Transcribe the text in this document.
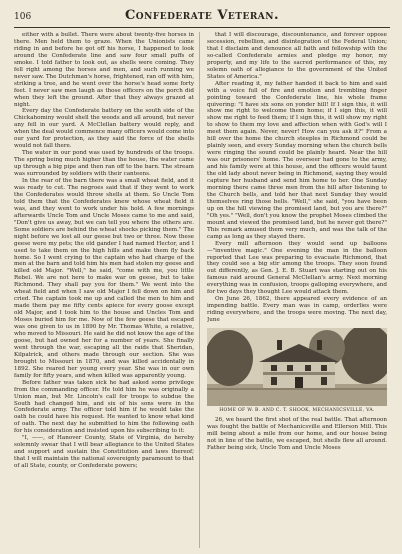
106	Confederate Veteran.

either with a bullet. There were about twenty-five horses in there. Men held them to graze. When the Unionists came riding in and before he got off his horse, I happened to look around the Confederate line and saw four small puffs of smoke. I told father to look out, as shells were coming. They fell right among the horses and men, and such running we never saw. The Dutchman's horse, frightened, ran off with him, striking a tree, and he went over the horse's head some forty feet. I never saw men laugh as those officers on the porch did when they left the ground. After that they always grazed at night.

Every day the Confederate battery on the south side of the Chickahominy would shell the woods and all around, but never any fell in our yard. A McClellan battery would reply, and when the deal would commence many officers would come into our yard for protection, as they said the force of the shells would not fall there.

The water in our pond was used by hundreds of the troops. The spring being much higher than the house, the water came up through a big pipe and then ran off to the barn. The stream was surrounded by soldiers with their canteens.

In the rear of the barn there was a small wheat field, and it was ready to cut. The negroes said that if they went to work the Confederates would throw shells at them. So Uncle Tom told them that the Confederates knew whose wheat field it was, and they went to work under his hold. A few mornings afterwards Uncle Tom and Uncle Moses came to me and said, "Don't give us away, but we can tell you where the others are. Some soldiers are behind the wheat shocks picking them." The night before we lost all our geese but two or three. Now these geese were my pets; the old gander I had named Hector, and I used to take them on the high hills and make them fly back home. So I went crying to the captain who had charge of the men at the barn and told him his men had stolen my geese and killed old Major. "Well," he said, "come with me, you little Rebel. We are not here to make war on geese, but to take Richmond. They shall pay you for them." We went into the wheat field and when I saw old Major I fell down on him and cried. The captain took me up and called the men to him and made them pay me fifty cents apiece for every goose except old Major, and I took him to the house and Uncles Tom and Moses buried him for me. Now of the few geese that escaped was one given to us in 1890 by Mr. Thomas White, a relative, who moved to Missouri. He said he did not know the age of the goose, but had owned her for a number of years. She finally went through the war, escaping all the raids that Sheridan, Kilpatrick, and others made through our section. She was brought to Missouri in 1870, and was killed accidentally in 1892. She reared her young every year. She was in our own family for fifty years, and when killed was apparently young.

Before father was taken sick he had asked some privilege from the commanding officer. He told him he was originally a Union man, but Mr. Lincoln's call for troops to subdue the South had changed him, and six of his sons were in the Confederate army. The officer told him if he would take the oath he could have his request. He wanted to know what kind of oath. The next day he submitted to him the following oath for his consideration and insisted upon his subscribing to it:

"I, ——, of Hanover County, State of Virginia, do hereby solemnly swear that I will bear allegiance to the United States and support and sustain the Constitution and laws thereof; that I will maintain the national sovereignty paramount to that of all State, county, or Confederate powers;

that I will discourage, discountenance, and forever oppose secession, rebellion, and disintegration of the Federal Union; that I disclaim and denounce all faith and fellowship with the so-called Confederate armies and pledge my honor, my property, and my life to the sacred performance of this, my solemn oath of allegiance to the government of the United States of America."

After reading it, my father handed it back to him and said with a voice full of fire and emotion and trembling finger pointing toward the Confederate line, his whole frame quivering: "I have six sons on yonder hill! If I sign this, it will show me right to welcome them home; if I sign this, it will show me right to feed them; if I sign this, it will show my right to show to them my love and affection when with God's will I meet them again. Never, never! How can you ask it?" From a hill over the home the church steeples in Richmond could be plainly seen, and every Sunday morning when the church bells were ringing the sound could be plainly heard. Near the hill was our prisoners' home. The overseer had gone to the army, and his family were at this house, and the officers would taunt the old lady about never being in Richmond, saying they would capture her husband and send him home to her. One Sunday morning there came three men from the hill after listening to the Church bells, and told her that next Sunday they would themselves ring those bells. "Well," she said, "you have been up on the hill viewing the promised land, but you are there?" "Oh yes." "Well, don't you know the prophet Moses climbed the mount and viewed the promised land, but he never got there?" This remark amused them very much, and was the talk of the camp as long as they stayed there.

Every mill afternoon they would send up balloons—"inventive magic." One evening the man in the balloon reported that Lee was preparing to evacuate Richmond, that they could see a big stir among the troops. They soon found out differently, as Gen. J. E. B. Stuart was starting out on his famous raid around General McClellan's army. Next morning everything was in confusion, troops galloping everywhere, and for two days they thought Lee would attack them.

On June 26, 1862, there appeared every evidence of an impending battle. Every man was in camp, orderlies were riding everywhere, and the troops were moving. The next day, June

HOME OF W. B. AND C. T. SHOOK, MECHANICSVILLE, VA.

26, we heard the first shot of the real battle. That afternoon was fought the battle of Mechanicsville and Ellerson Mill. This mill being about a mile from our home, and our house being not in line of the battle, we escaped, but shells flew all around. Father being sick, Uncle Tom and Uncle Moses
